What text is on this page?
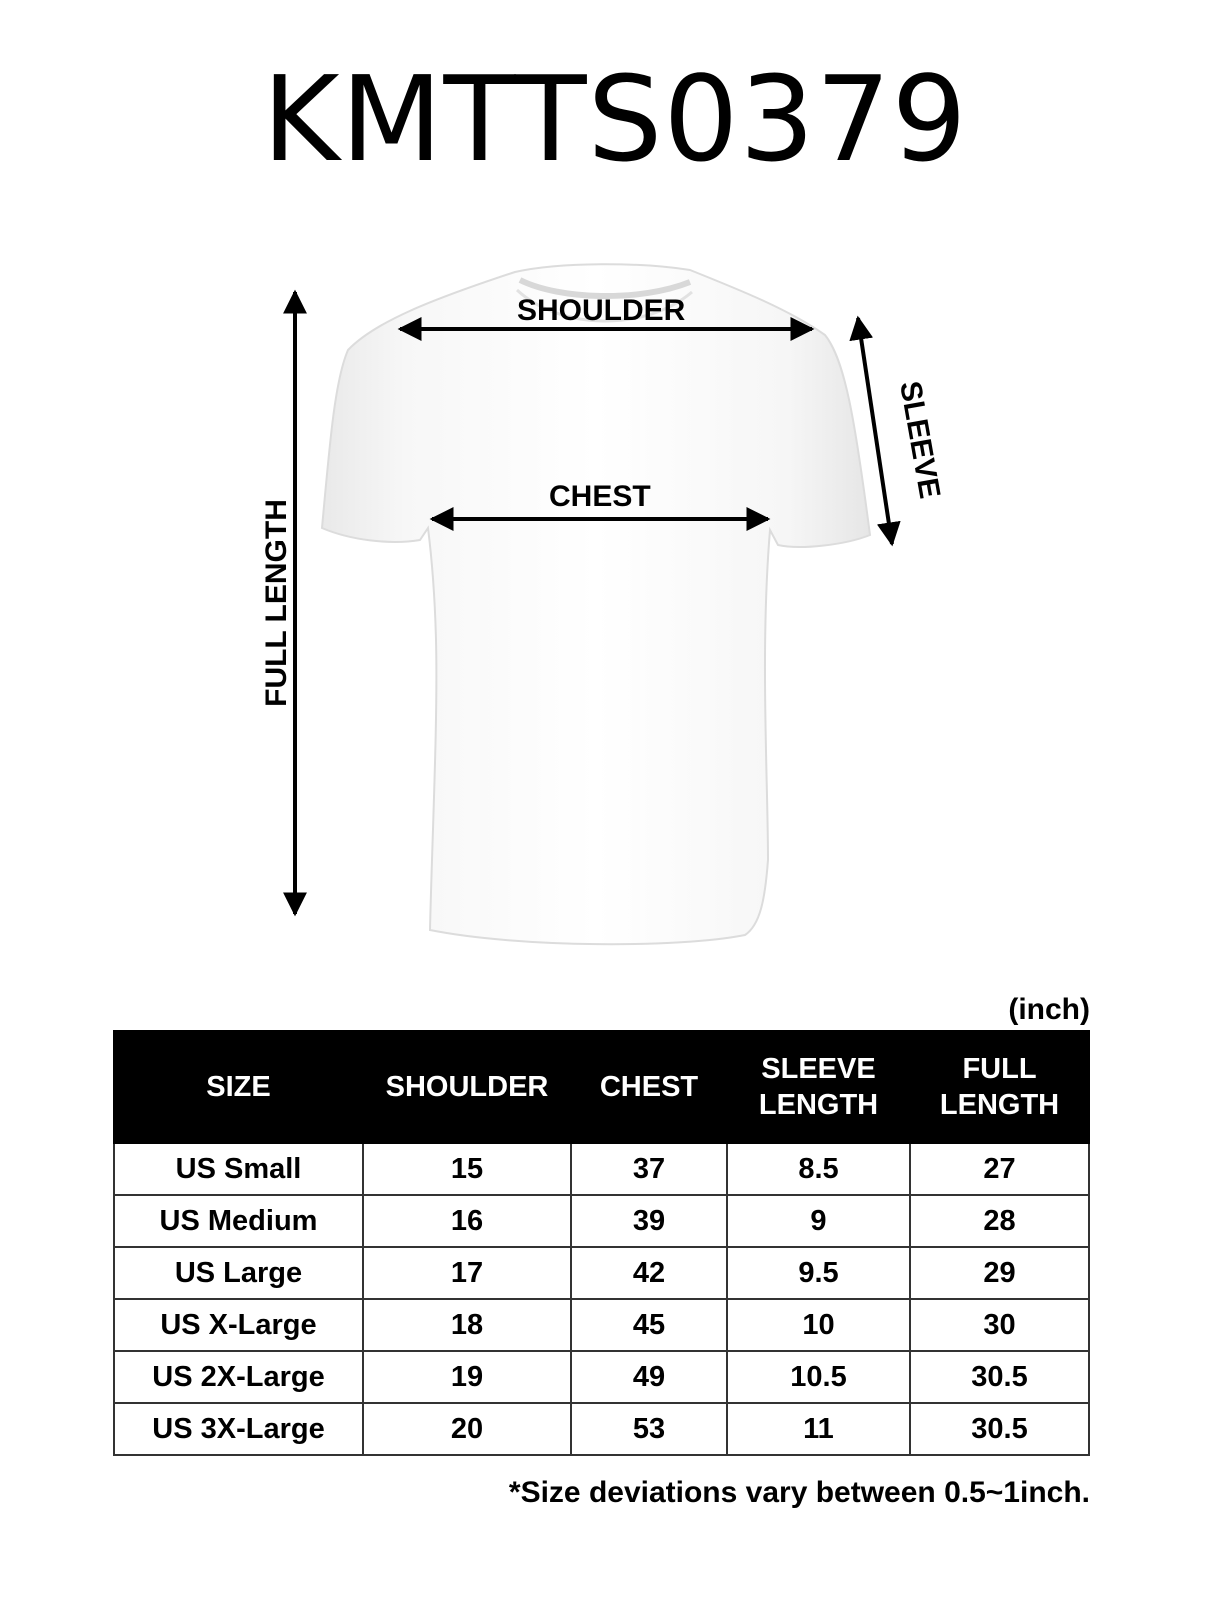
KMTTS0379
SHOULDER
CHEST	SLEEVE
FULL LENGTH
(inch)
SIZE	SHOULDER	CHEST	SLEEVE LENGTH	FULL LENGTH
US Small	15	37	8.5	27
US Medium	16	39	9	28
US Large	17	42	9.5	29
US X-Large	18	45	10	30
US 2X-Large	19	49	10.5	30.5
US 3X-Large	20	53	11	30.5
*Size deviations vary between 0.5~1inch.
